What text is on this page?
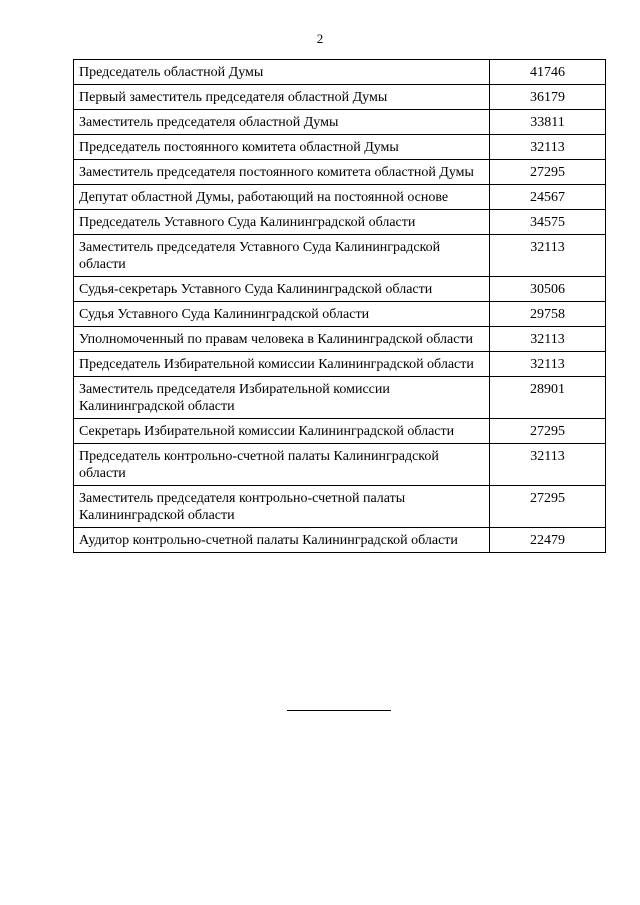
2
Председатель областной Думы	41746
Первый заместитель председателя областной Думы	36179
Заместитель председателя областной Думы	33811
Председатель постоянного комитета областной Думы	32113
Заместитель председателя постоянного комитета областной Думы	27295
Депутат областной Думы, работающий на постоянной основе	24567
Председатель Уставного Суда Калининградской области	34575
Заместитель председателя Уставного Суда Калининградской области	32113
Судья-секретарь Уставного Суда Калининградской области	30506
Судья Уставного Суда Калининградской области	29758
Уполномоченный по правам человека в Калининградской области	32113
Председатель Избирательной комиссии Калининградской области	32113
Заместитель председателя Избирательной комиссии Калининградской области	28901
Секретарь Избирательной комиссии Калининградской области	27295
Председатель контрольно-счетной палаты Калининградской области	32113
Заместитель председателя контрольно-счетной палаты Калининградской области	27295
Аудитор контрольно-счетной палаты Калининградской области	22479
